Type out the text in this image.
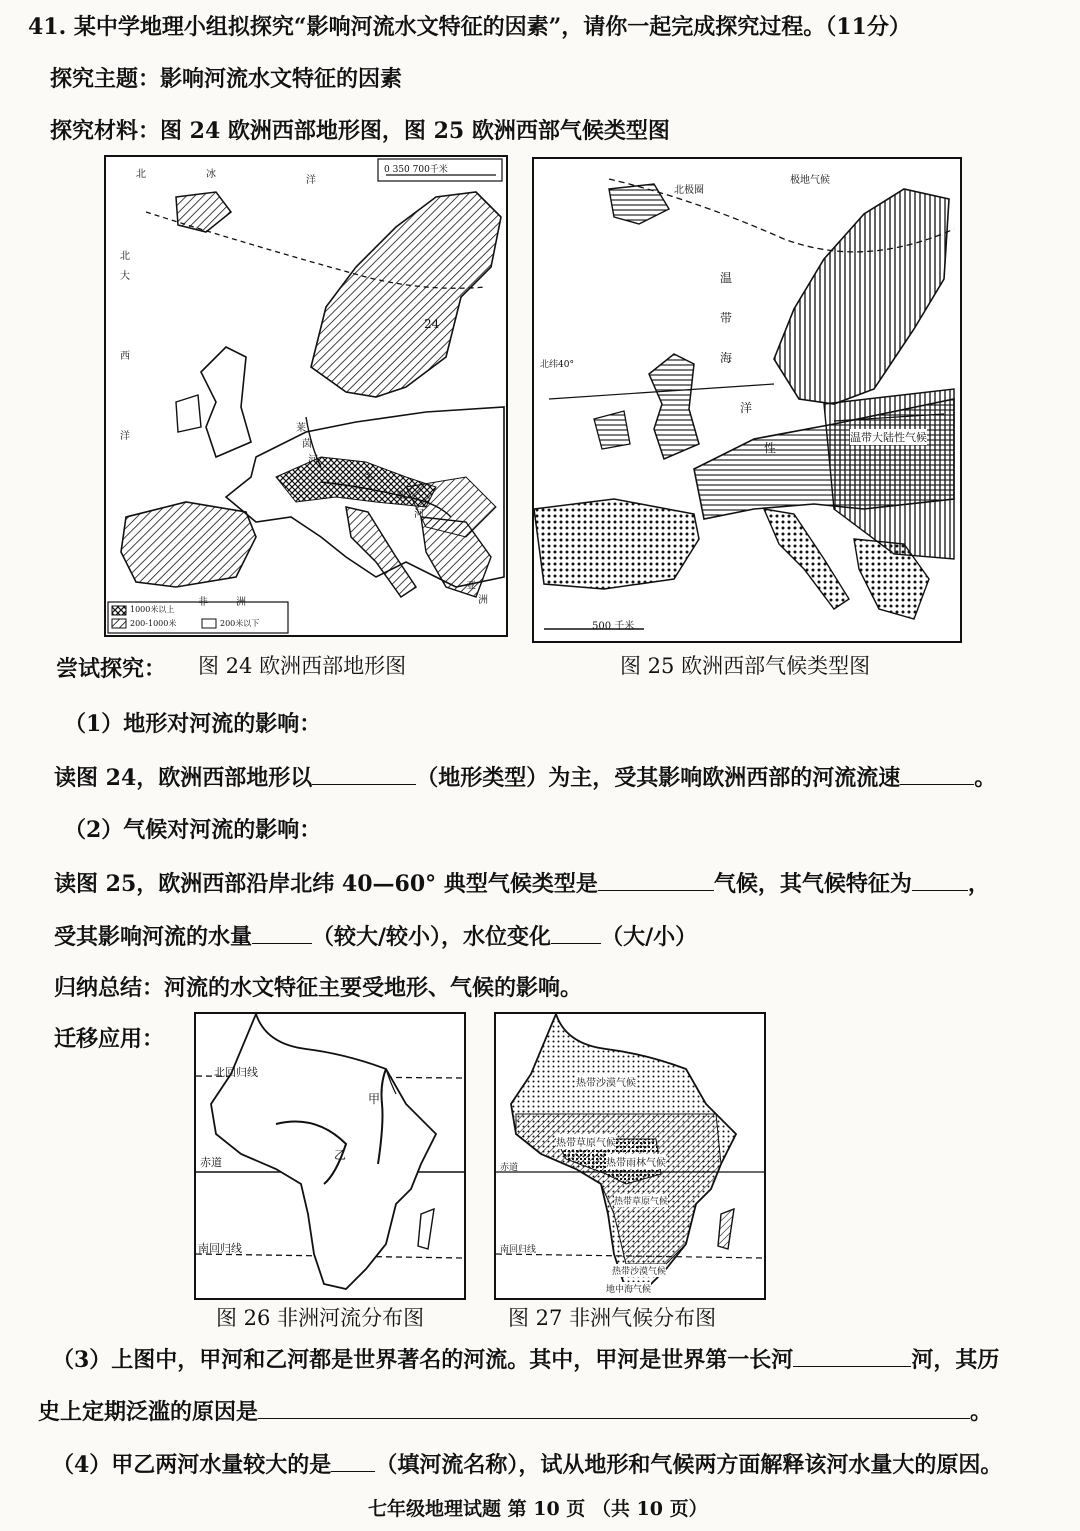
41. 某中学地理小组拟探究“影响河流水文特征的因素”，请你一起完成探究过程。（11分）
探究主题：影响河流水文特征的因素
探究材料：图 24 欧洲西部地形图，图 25 欧洲西部气候类型图
0 350 700千米
北	冰
洋
北
大
西
洋
24
莱
茵
河
多
瑙
河
非	洲
亚
洲
1000米以上
200-1000米	200米以下
极地气候
北极圈
温
带
海
洋
性
北纬40°
温带大陆性气候
500 千米
图 24 欧洲西部地形图	图 25 欧洲西部气候类型图
尝试探究：
（1）地形对河流的影响：
读图 24，欧洲西部地形以	（地形类型）为主，受其影响欧洲西部的河流流速	。
（2）气候对河流的影响：
读图 25，欧洲西部沿岸北纬 40—60° 典型气候类型是	气候，其气候特征为	，
受其影响河流的水量	（较大/较小），水位变化 （大/小）
归纳总结：河流的水文特征主要受地形、气候的影响。
迁移应用：
北回归线
赤道
南回归线
甲
乙
热带沙漠气候
热带草原气候
热带雨林气候
赤道
南回归线
热带草原气候
热带沙漠气候
地中海气候
图 26 非洲河流分布图	图 27 非洲气候分布图
（3）上图中，甲河和乙河都是世界著名的河流。其中，甲河是世界第一长河	河，其历
史上定期泛滥的原因是	。
（4）甲乙两河水量较大的是 （填河流名称），试从地形和气候两方面解释该河水量大的原因。
七年级地理试题 第 10 页 （共 10 页）
